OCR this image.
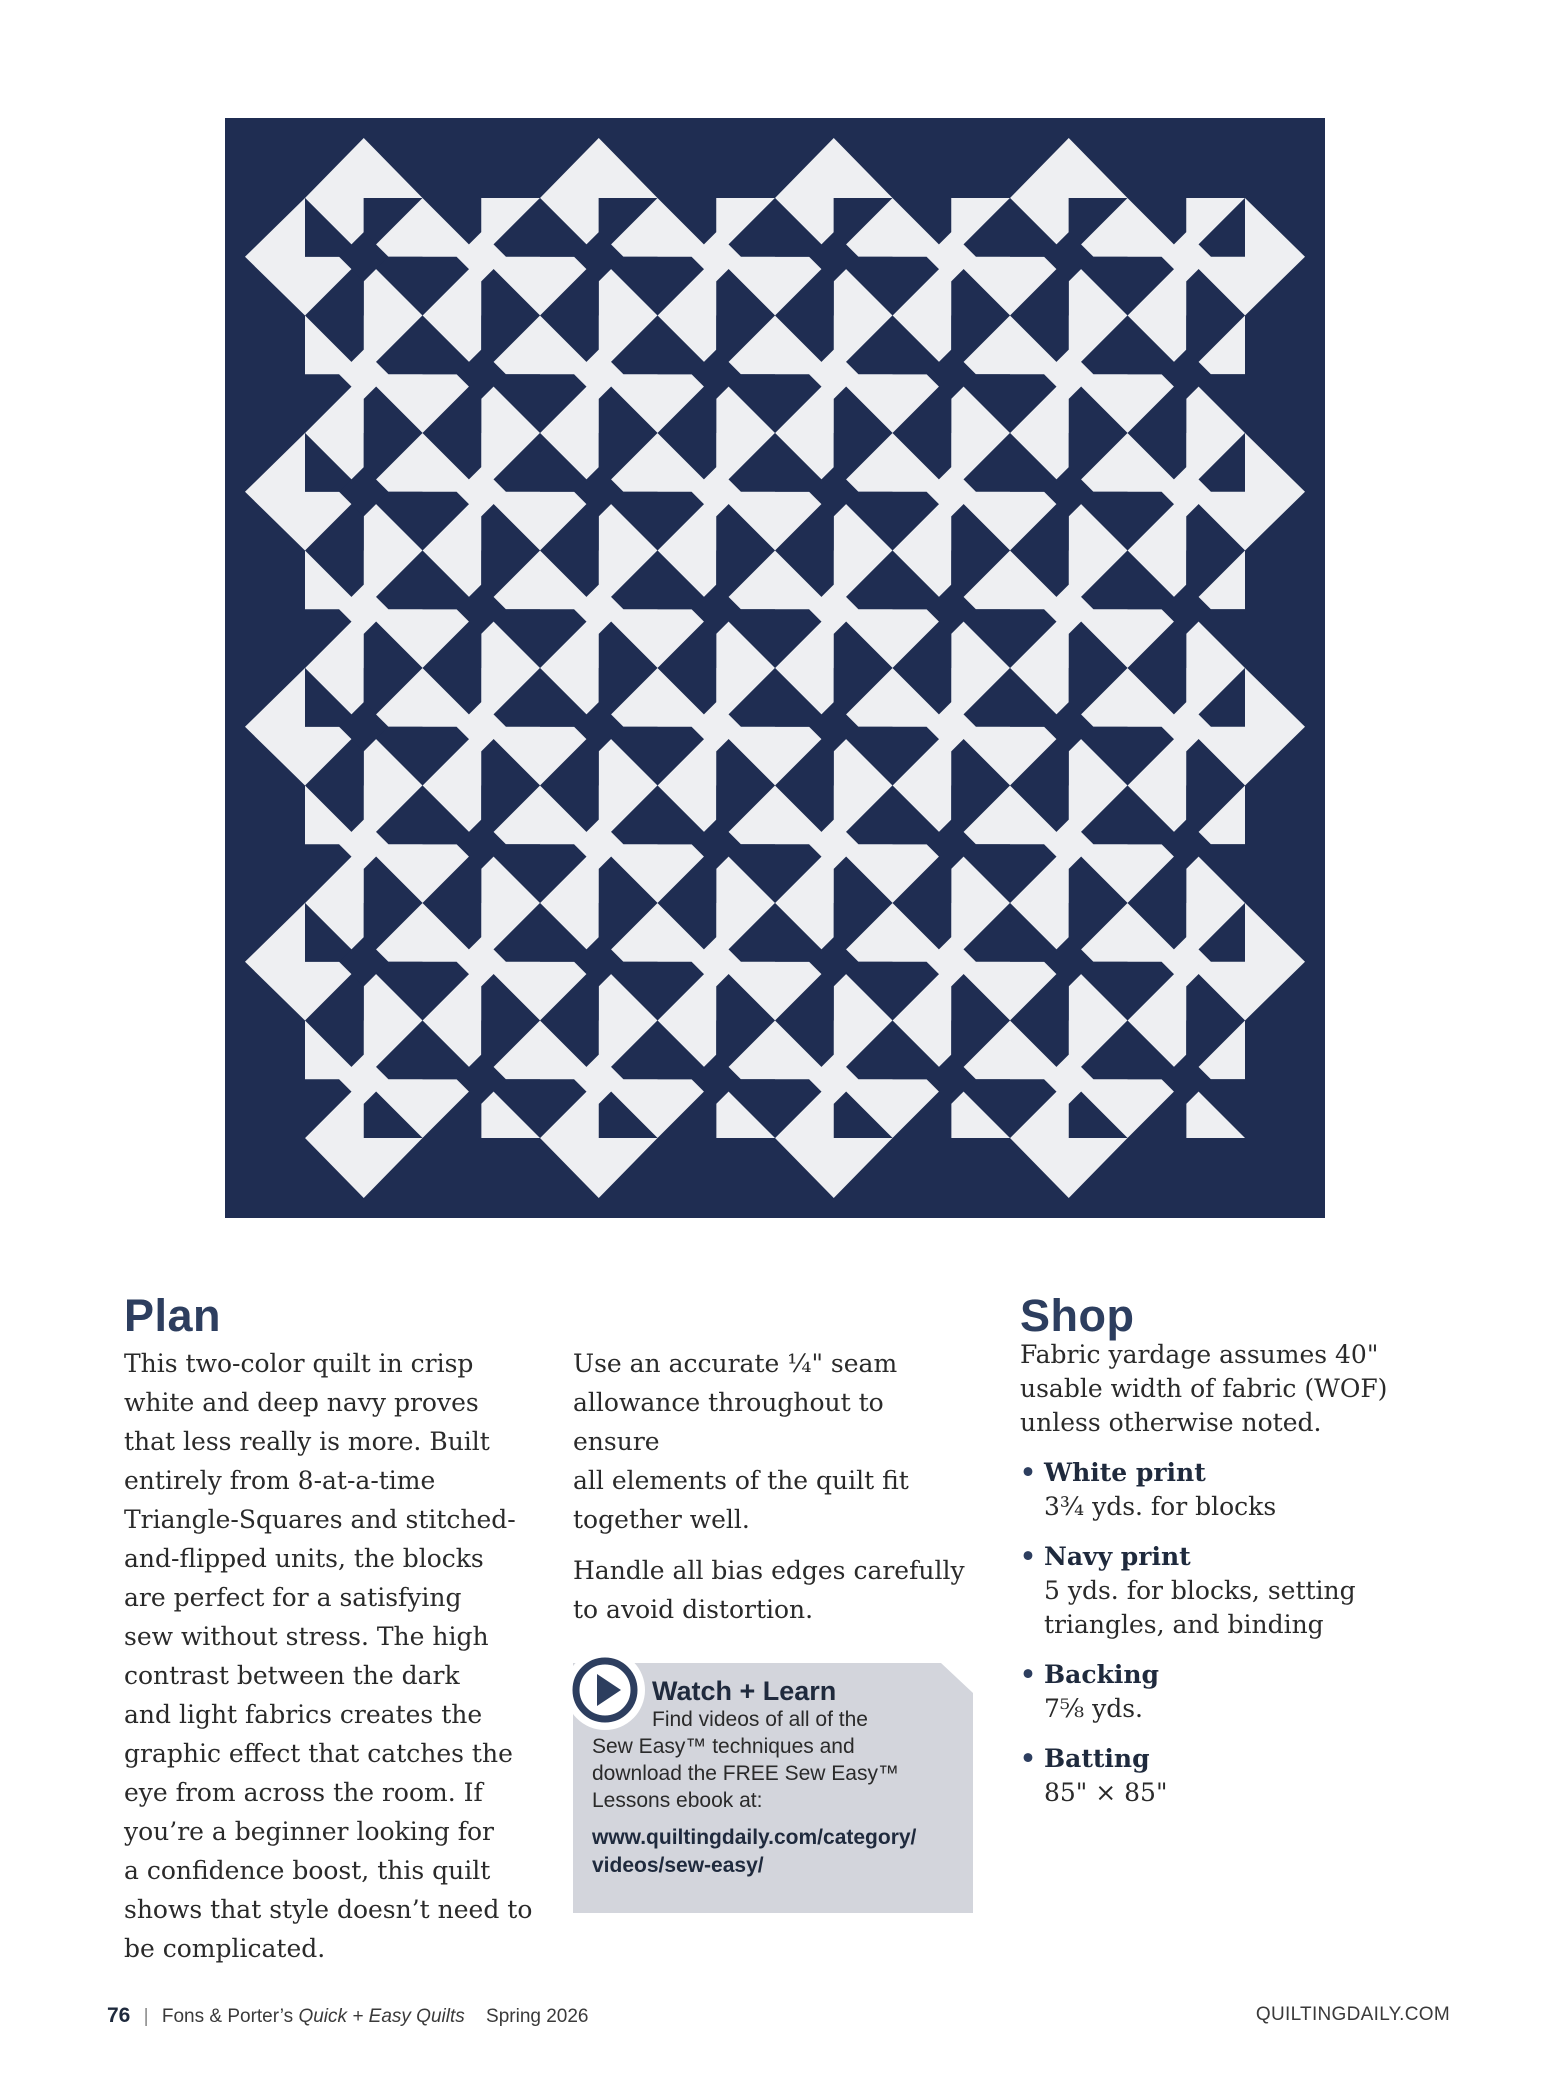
Plan
This two-color quilt in crisp
white and deep navy proves
that less really is more. Built
entirely from 8-at-a-time
Triangle-Squares and stitched-
and-flipped units, the blocks
are perfect for a satisfying
sew without stress. The high
contrast between the dark
and light fabrics creates the
graphic effect that catches the
eye from across the room. If
you’re a beginner looking for
a confidence boost, this quilt
shows that style doesn’t need to
be complicated.

Use an accurate ¼" seam
allowance throughout to ensure
all elements of the quilt fit
together well.

Handle all bias edges carefully
to avoid distortion.

Watch + Learn
Find videos of all of the
Sew Easy™ techniques and
download the FREE Sew Easy™
Lessons ebook at:
www.quiltingdaily.com/category/
videos/sew-easy/
Shop

Fabric yardage assumes 40"
usable width of fabric (WOF)
unless otherwise noted.

• White print
3¾ yds. for blocks
• Navy print
5 yds. for blocks, setting
triangles, and binding
• Backing
7⅝ yds.
• Batting
85" × 85"
76 | Fons & Porter’s Quick + Easy Quilts Spring 2026	QUILTINGDAILY.COM
